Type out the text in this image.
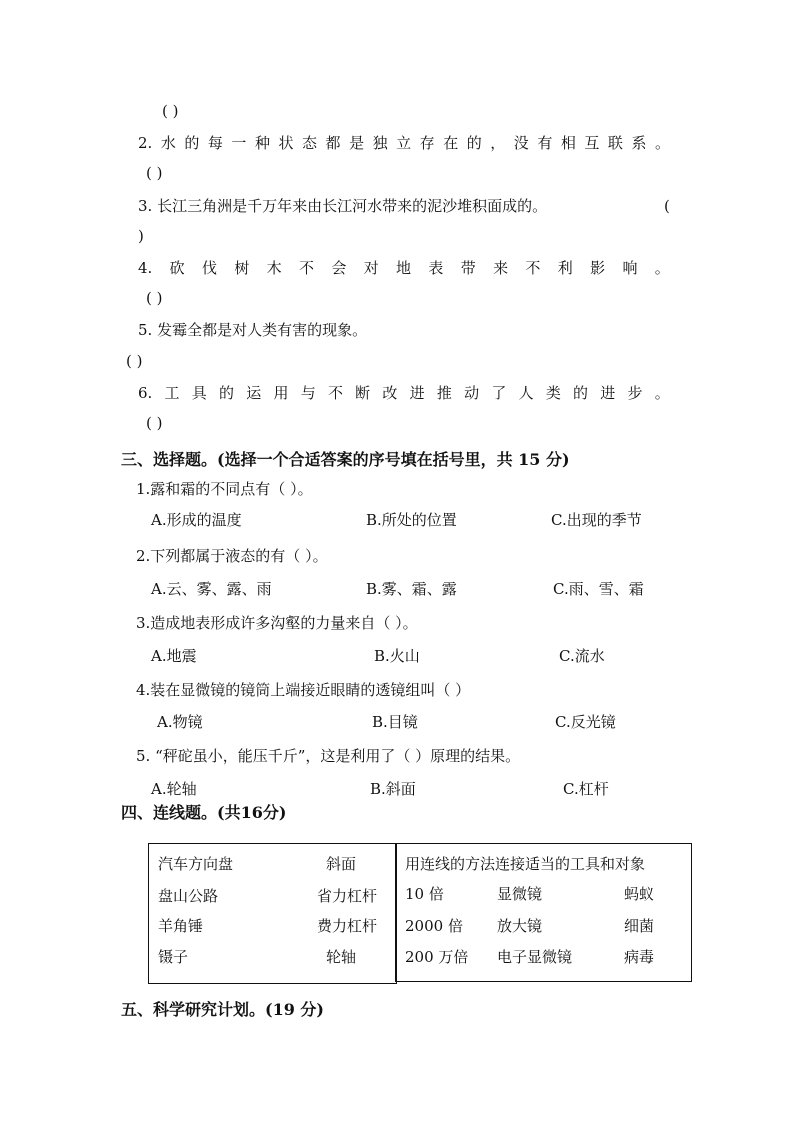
( )
2. 水 的 每 一 种 状 态 都 是 独 立 存 在 的 ， 没 有 相 互 联 系 。
( )
3. 长江三角洲是千万年来由长江河水带来的泥沙堆积面成的。	(
)
4. 砍 伐 树 木 不 会 对 地 表 带 来 不 利 影 响 。
( )
5. 发霉全都是对人类有害的现象。
( )
6. 工 具 的 运 用 与 不 断 改 进 推 动 了 人 类 的 进 步 。
( )
三、选择题。(选择一个合适答案的序号填在括号里，共 15 分)
1.露和霜的不同点有（ ）。
A.形成的温度	B.所处的位置	C.出现的季节
2.下列都属于液态的有（ ）。
A.云、雾、露、雨	B.雾、霜、露	C.雨、雪、霜
3.造成地表形成许多沟壑的力量来自（ ）。
A.地震	B.火山	C.流水
4.装在显微镜的镜筒上端接近眼睛的透镜组叫（ ）
A.物镜	B.目镜	C.反光镜
5. “秤砣虽小，能压千斤”，这是利用了（ ）原理的结果。
A.轮轴	B.斜面	C.杠杆
四、连线题。(共16分)
汽车方向盘	斜面
盘山公路	省力杠杆
羊角锤	费力杠杆
镊子	轮轴
用连线的方法连接适当的工具和对象
10 倍	显微镜	蚂蚁
2000 倍 放大镜	细菌
200 万倍 电子显微镜	病毒
五、科学研究计划。(19 分)
